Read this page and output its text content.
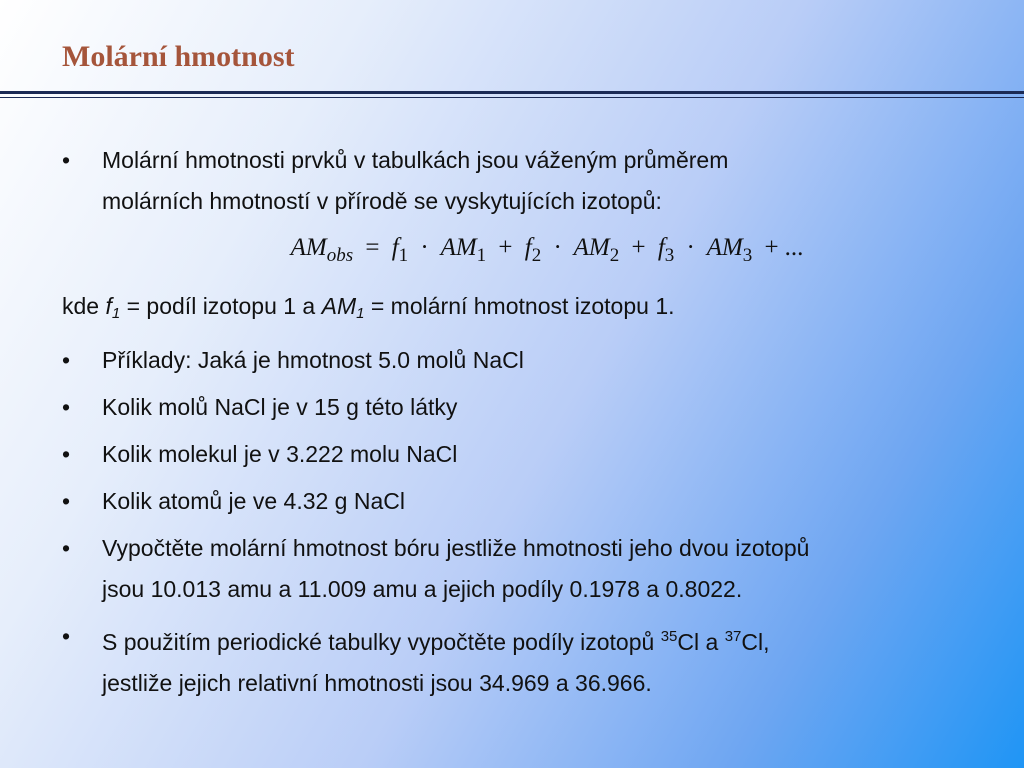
Molární hmotnost
• Molární hmotnosti prvků v tabulkách jsou váženým průměrem
molárních hmotností v přírodě se vyskytujících izotopů:
$AM_{obs} = f_1 \cdot AM_1 + f_2 \cdot AM_2 + f_3 \cdot AM_3$ + ...
kde $f_1$ = podíl izotopu 1 a $AM_1$ = molární hmotnost izotopu 1.
• Příklady: Jaká je hmotnost 5.0 molů NaCl
• Kolik molů NaCl je v 15 g této látky
• Kolik molekul je v 3.222 molu NaCl
• Kolik atomů je ve 4.32 g NaCl
• Vypočtěte molární hmotnost bóru jestliže hmotnosti jeho dvou izotopů
jsou 10.013 amu a 11.009 amu a jejich podíly 0.1978 a 0.8022.
• S použitím periodické tabulky vypočtěte podíly izotopů $^{35}$Cl a $^{37}$Cl,
jestliže jejich relativní hmotnosti jsou 34.969 a 36.966.
